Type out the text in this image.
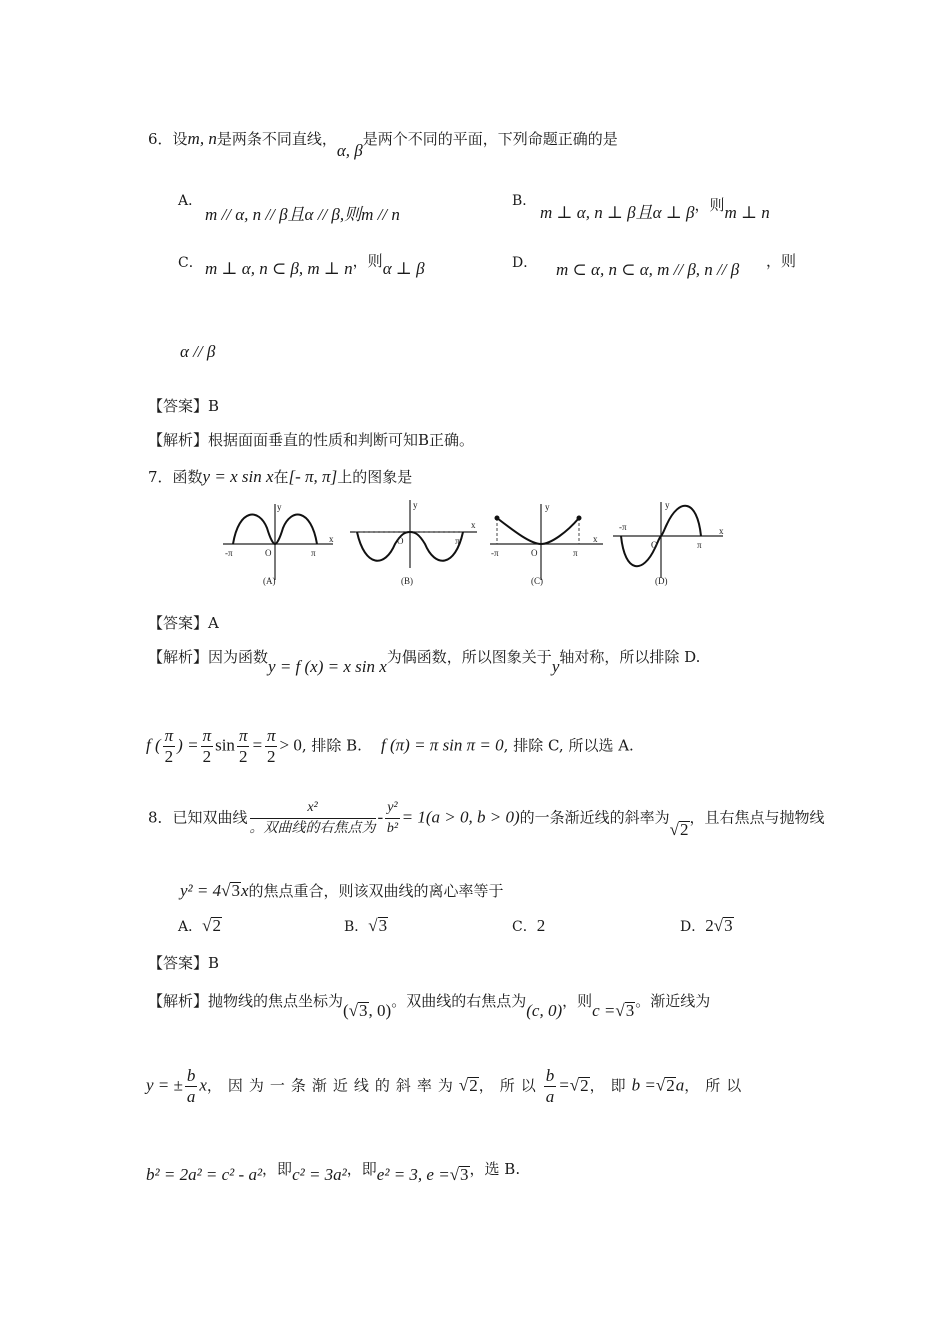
6．设m, n是两条不同直线，α, β是两个不同的平面，下列命题正确的是
A．
m // α, n // β且α // β,则m // n
B．
m ⊥ α, n ⊥ β且α ⊥ β，则m ⊥ n
C． m ⊥ α, n ⊂ β, m ⊥ n，则α ⊥ β	D． m ⊂ α, n ⊂ α, m // β, n // β ，则
α // β
【答案】B
【解析】根据面面垂直的性质和判断可知B正确。
7．函数y = x sin x在[- π, π]上的图象是
y
x
-π	π
O
(A)
y
x
O	π
(B)
y
x
-π	π
O
(C)
y
x
-π
π
O
(D)
【答案】A
【解析】因为函数y = f (x) = x sin x为偶函数，所以图象关于y轴对称，所以排除 D.
f ( $\frac{\pi}{2}$ ) = $\frac{\pi}{2}$ $\sin \frac{\pi}{2} = \frac{\pi}{2} > 0$, 排除 B. f (π) = π sin π = 0, 排除 C, 所以选 A.
8．已知双曲线 $\frac{\text{x²}}{\text{。双曲线的右焦点为}} - \frac{\text{y²}}{\text{b²}} = 1(a > 0$, b > 0)的一条渐近线的斜率为√2，且右焦点与抛物线
y² = 4√3x的焦点重合，则该双曲线的离心率等于
A．√2	B．√3	C．2	D．2√3
【答案】B
【解析】抛物线的焦点坐标为(√3, 0)。双曲线的右焦点为(c, 0)，则c =√3。渐近线为
y = ± $\frac{b}{a}$ x，因为一条渐近线的斜率为√2，所以 $\frac{b}{a} =√2$，即b =√2a，所以
b² = 2a² = c² - a²，即c² = 3a²，即e² = 3, e =√3，选 B.
